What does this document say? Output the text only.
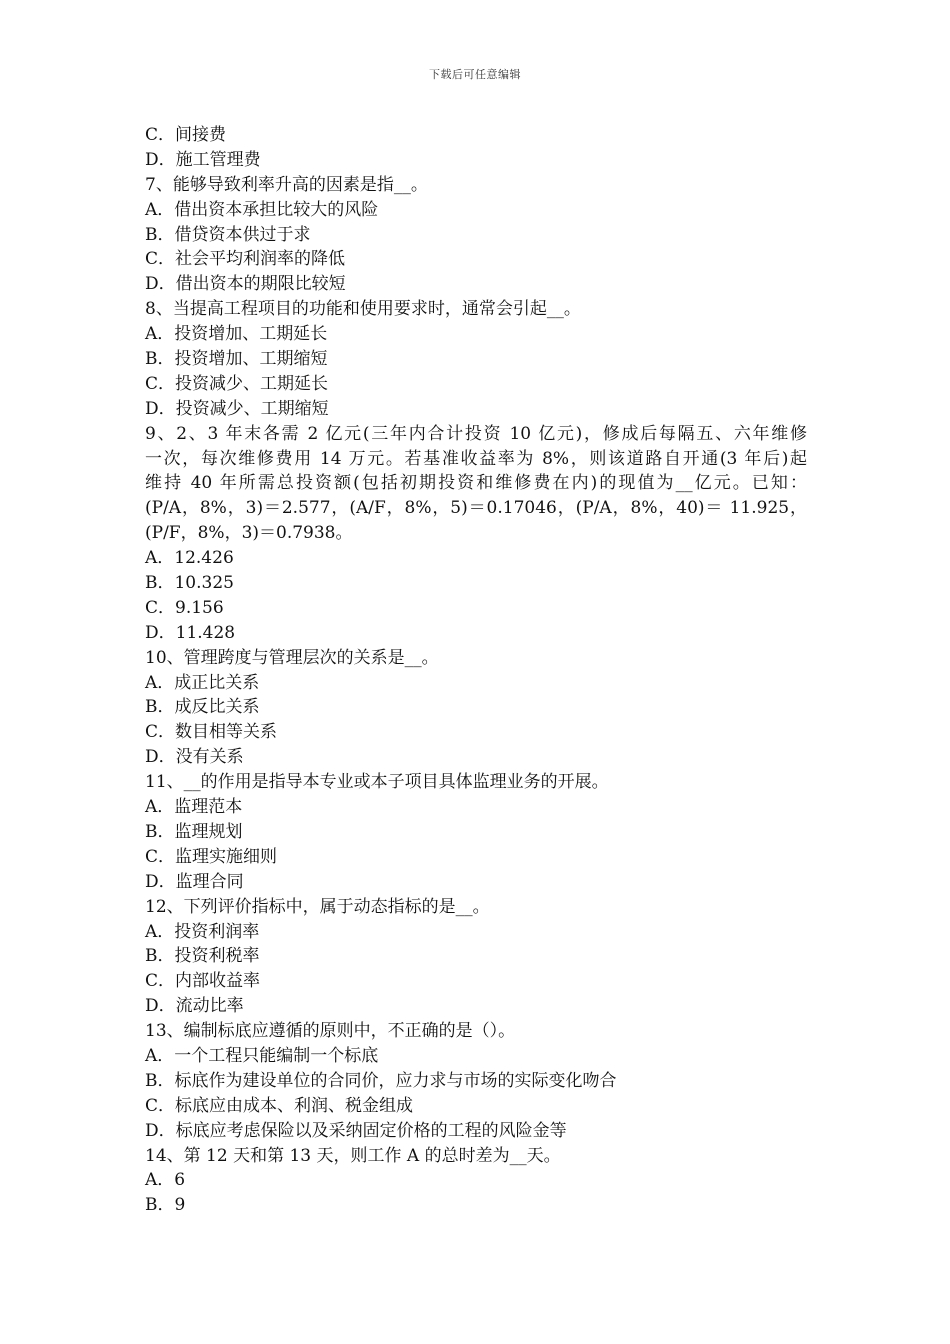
下载后可任意编辑
C．间接费
D．施工管理费
7、能够导致利率升高的因素是指__。
A．借出资本承担比较大的风险
B．借贷资本供过于求
C．社会平均利润率的降低
D．借出资本的期限比较短
8、当提高工程项目的功能和使用要求时，通常会引起__。
A．投资增加、工期延长
B．投资增加、工期缩短
C．投资减少、工期延长
D．投资减少、工期缩短
9、2、3 年末各需 2 亿元(三年内合计投资 10 亿元)，修成后每隔五、六年维修
一次，每次维修费用 14 万元。若基准收益率为 8%，则该道路自开通(3 年后)起
维持 40 年所需总投资额(包括初期投资和维修费在内)的现值为__亿元。已知：
(P/A，8%，3)＝2.577，(A/F，8%，5)＝0.17046，(P/A，8%，40)＝ 11.925，
(P/F，8%，3)＝0.7938。
A．12.426
B．10.325
C．9.156
D．11.428
10、管理跨度与管理层次的关系是__。
A．成正比关系
B．成反比关系
C．数目相等关系
D．没有关系
11、__的作用是指导本专业或本子项目具体监理业务的开展。
A．监理范本
B．监理规划
C．监理实施细则
D．监理合同
12、下列评价指标中，属于动态指标的是__。
A．投资利润率
B．投资利税率
C．内部收益率
D．流动比率
13、编制标底应遵循的原则中，不正确的是（）。
A．一个工程只能编制一个标底
B．标底作为建设单位的合同价，应力求与市场的实际变化吻合
C．标底应由成本、利润、税金组成
D．标底应考虑保险以及采纳固定价格的工程的风险金等
14、第 12 天和第 13 天，则工作 A 的总时差为__天。
A．6
B．9
